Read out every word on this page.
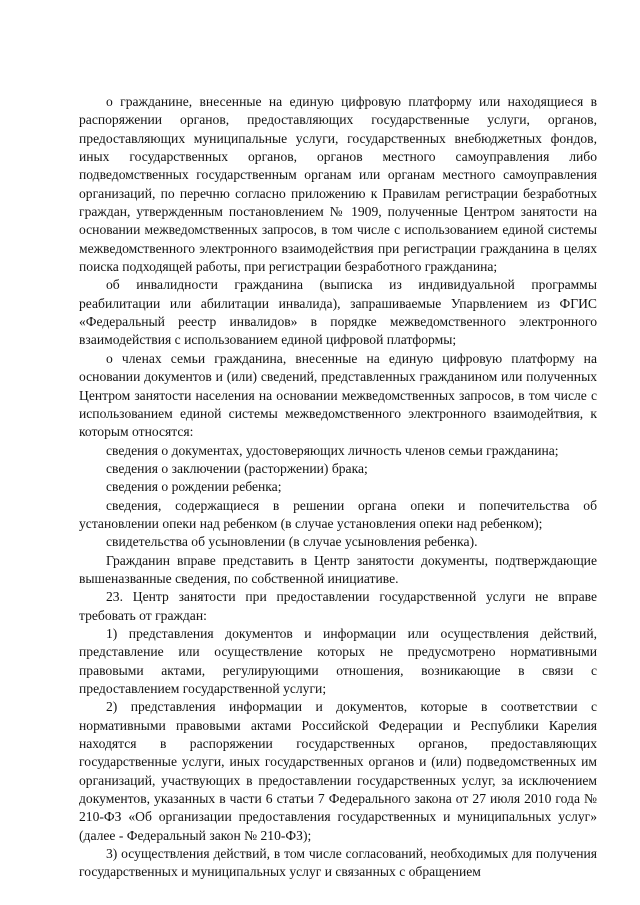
о гражданине, внесенные на единую цифровую платформу или находящиеся в распоряжении органов, предоставляющих государственные услуги, органов, предоставляющих муниципальные услуги, государственных внебюджетных фондов, иных государственных органов, органов местного самоуправления либо подведомственных государственным органам или органам местного самоуправления организаций, по перечню согласно приложению к Правилам регистрации безработных граждан, утвержденным постановлением № 1909, полученные Центром занятости на основании межведомственных запросов, в том числе с использованием единой системы межведомственного электронного взаимодействия при регистрации гражданина в целях поиска подходящей работы, при регистрации безработного гражданина;

об инвалидности гражданина (выписка из индивидуальной программы реабилитации или абилитации инвалида), запрашиваемые Упарвлением из ФГИС «Федеральный реестр инвалидов» в порядке межведомственного электронного взаимодействия с использованием единой цифровой платформы;

о членах семьи гражданина, внесенные на единую цифровую платформу на основании документов и (или) сведений, представленных гражданином или полученных Центром занятости населения на основании межведомственных запросов, в том числе с использованием единой системы межведомственного электронного взаимодейтвия, к которым относятся:

сведения о документах, удостоверяющих личность членов семьи гражданина;

сведения о заключении (расторжении) брака;

сведения о рождении ребенка;

сведения, содержащиеся в решении органа опеки и попечительства об установлении опеки над ребенком (в случае установления опеки над ребенком);

свидетельства об усыновлении (в случае усыновления ребенка).

Гражданин вправе представить в Центр занятости документы, подтверждающие вышеназванные сведения, по собственной инициативе.

23. Центр занятости при предоставлении государственной услуги не вправе требовать от граждан:

1) представления документов и информации или осуществления действий, представление или осуществление которых не предусмотрено нормативными правовыми актами, регулирующими отношения, возникающие в связи с предоставлением государственной услуги;

2) представления информации и документов, которые в соответствии с нормативными правовыми актами Российской Федерации и Республики Карелия находятся в распоряжении государственных органов, предоставляющих государственные услуги, иных государственных органов и (или) подведомственных им организаций, участвующих в предоставлении государственных услуг, за исключением документов, указанных в части 6 статьи 7 Федерального закона от 27 июля 2010 года № 210-ФЗ «Об организации предоставления государственных и муниципальных услуг» (далее - Федеральный закон № 210-ФЗ);

3) осуществления действий, в том числе согласований, необходимых для получения государственных и муниципальных услуг и связанных с обращением
